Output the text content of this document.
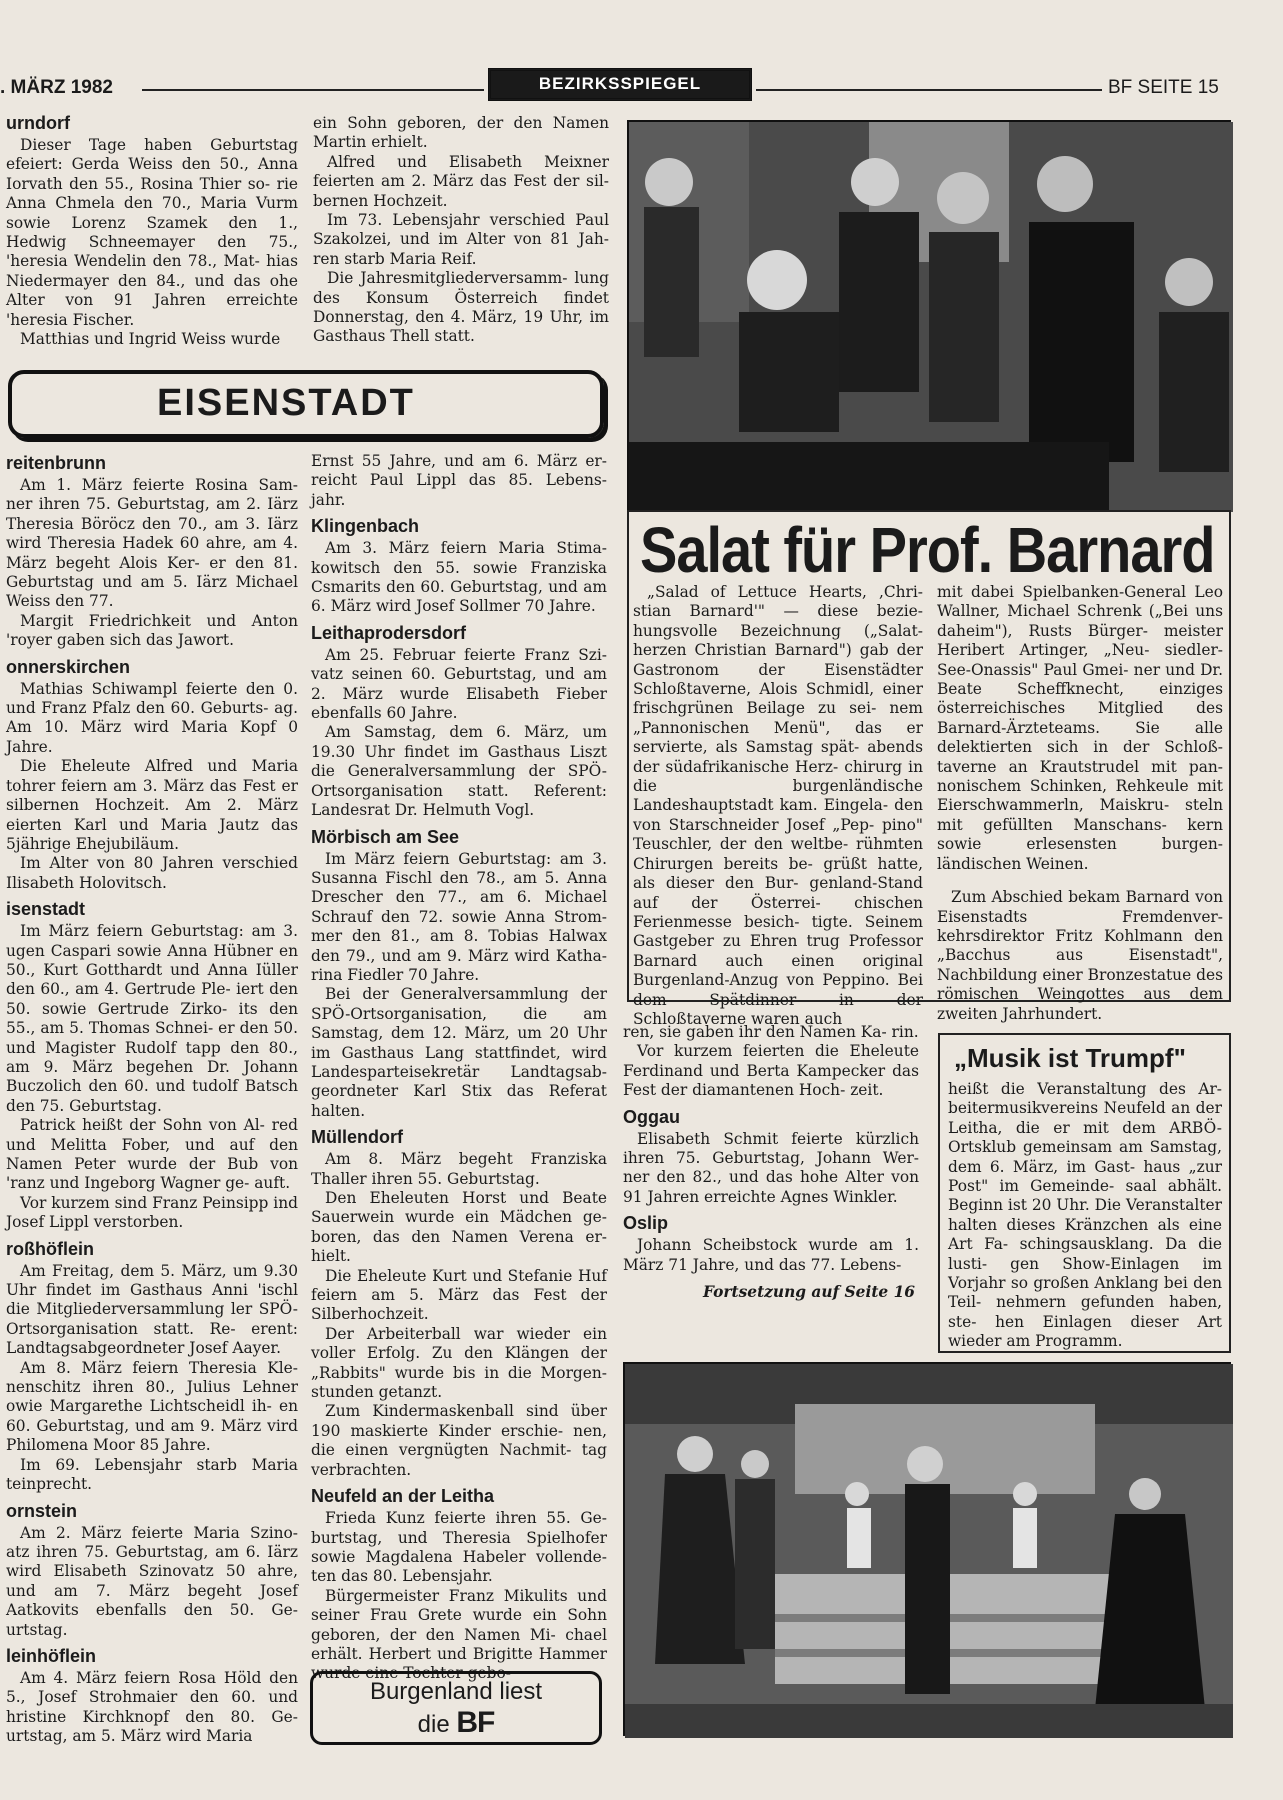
. MÄRZ 1982	BEZIRKSSPIEGEL	BF SEITE 15
urndorf

Dieser Tage haben Geburtstag efeiert: Gerda Weiss den 50., Anna Iorvath den 55., Rosina Thier so- rie Anna Chmela den 70., Maria Vurm sowie Lorenz Szamek den 1., Hedwig Schneemayer den 75., 'heresia Wendelin den 78., Mat- hias Niedermayer den 84., und das ohe Alter von 91 Jahren erreichte 'heresia Fischer.

Matthias und Ingrid Weiss wurde

ein Sohn geboren, der den Namen Martin erhielt.

Alfred und Elisabeth Meixner feierten am 2. März das Fest der sil- bernen Hochzeit.

Im 73. Lebensjahr verschied Paul Szakolzei, und im Alter von 81 Jah- ren starb Maria Reif.

Die Jahresmitgliederversamm- lung des Konsum Österreich findet Donnerstag, den 4. März, 19 Uhr, im Gasthaus Thell statt.

EISENSTADT
reitenbrunn

Am 1. März feierte Rosina Sam- ner ihren 75. Geburtstag, am 2. Iärz Theresia Böröcz den 70., am 3. Iärz wird Theresia Hadek 60 ahre, am 4. März begeht Alois Ker- er den 81. Geburtstag und am 5. Iärz Michael Weiss den 77.

Margit Friedrichkeit und Anton 'royer gaben sich das Jawort.

onnerskirchen

Mathias Schiwampl feierte den 0. und Franz Pfalz den 60. Geburts- ag. Am 10. März wird Maria Kopf 0 Jahre.

Die Eheleute Alfred und Maria tohrer feiern am 3. März das Fest er silbernen Hochzeit. Am 2. März eierten Karl und Maria Jautz das 5jährige Ehejubiläum.

Im Alter von 80 Jahren verschied Ilisabeth Holovitsch.

isenstadt

Im März feiern Geburtstag: am 3. ugen Caspari sowie Anna Hübner en 50., Kurt Gotthardt und Anna Iüller den 60., am 4. Gertrude Ple- iert den 50. sowie Gertrude Zirko- its den 55., am 5. Thomas Schnei- er den 50. und Magister Rudolf tapp den 80., am 9. März begehen Dr. Johann Buczolich den 60. und tudolf Batsch den 75. Geburtstag.

Patrick heißt der Sohn von Al- red und Melitta Fober, und auf den Namen Peter wurde der Bub von 'ranz und Ingeborg Wagner ge- auft.

Vor kurzem sind Franz Peinsipp ind Josef Lippl verstorben.

roßhöflein

Am Freitag, dem 5. März, um 9.30 Uhr findet im Gasthaus Anni 'ischl die Mitgliederversammlung ler SPÖ-Ortsorganisation statt. Re- erent: Landtagsabgeordneter Josef Aayer.

Am 8. März feiern Theresia Kle- nenschitz ihren 80., Julius Lehner owie Margarethe Lichtscheidl ih- en 60. Geburtstag, und am 9. März vird Philomena Moor 85 Jahre.

Im 69. Lebensjahr starb Maria teinprecht.

ornstein

Am 2. März feierte Maria Szino- atz ihren 75. Geburtstag, am 6. Iärz wird Elisabeth Szinovatz 50 ahre, und am 7. März begeht Josef Aatkovits ebenfalls den 50. Ge- urtstag.

leinhöflein

Am 4. März feiern Rosa Höld den 5., Josef Strohmaier den 60. und hristine Kirchknopf den 80. Ge- urtstag, am 5. März wird Maria

Ernst 55 Jahre, und am 6. März er- reicht Paul Lippl das 85. Lebens- jahr.

Klingenbach

Am 3. März feiern Maria Stima- kowitsch den 55. sowie Franziska Csmarits den 60. Geburtstag, und am 6. März wird Josef Sollmer 70 Jahre.

Leithaprodersdorf

Am 25. Februar feierte Franz Szi- vatz seinen 60. Geburtstag, und am 2. März wurde Elisabeth Fieber ebenfalls 60 Jahre.

Am Samstag, dem 6. März, um 19.30 Uhr findet im Gasthaus Liszt die Generalversammlung der SPÖ- Ortsorganisation statt. Referent: Landesrat Dr. Helmuth Vogl.

Mörbisch am See

Im März feiern Geburtstag: am 3. Susanna Fischl den 78., am 5. Anna Drescher den 77., am 6. Michael Schrauf den 72. sowie Anna Strom- mer den 81., am 8. Tobias Halwax den 79., und am 9. März wird Katha- rina Fiedler 70 Jahre.

Bei der Generalversammlung der SPÖ-Ortsorganisation, die am Samstag, dem 12. März, um 20 Uhr im Gasthaus Lang stattfindet, wird Landesparteisekretär Landtagsab- geordneter Karl Stix das Referat halten.

Müllendorf

Am 8. März begeht Franziska Thaller ihren 55. Geburtstag.

Den Eheleuten Horst und Beate Sauerwein wurde ein Mädchen ge- boren, das den Namen Verena er- hielt.

Die Eheleute Kurt und Stefanie Huf feiern am 5. März das Fest der Silberhochzeit.

Der Arbeiterball war wieder ein voller Erfolg. Zu den Klängen der „Rabbits" wurde bis in die Morgen- stunden getanzt.

Zum Kindermaskenball sind über 190 maskierte Kinder erschie- nen, die einen vergnügten Nachmit- tag verbrachten.

Neufeld an der Leitha

Frieda Kunz feierte ihren 55. Ge- burtstag, und Theresia Spielhofer sowie Magdalena Habeler vollende- ten das 80. Lebensjahr.

Bürgermeister Franz Mikulits und seiner Frau Grete wurde ein Sohn geboren, der den Namen Mi- chael erhält. Herbert und Brigitte Hammer wurde eine Tochter gebo-

Burgenland liest
die BF
Salat für Prof. Barnard

„Salad of Lettuce Hearts, ‚Chri- stian Barnard'" — diese bezie- hungsvolle Bezeichnung („Salat- herzen Christian Barnard") gab der Gastronom der Eisenstädter Schloßtaverne, Alois Schmidl, einer frischgrünen Beilage zu sei- nem „Pannonischen Menü", das er servierte, als Samstag spät- abends der südafrikanische Herz- chirurg in die burgenländische Landeshauptstadt kam. Eingela- den von Starschneider Josef „Pep- pino" Teuschler, der den weltbe- rühmten Chirurgen bereits be- grüßt hatte, als dieser den Bur- genland-Stand auf der Österrei- chischen Ferienmesse besich- tigte. Seinem Gastgeber zu Ehren trug Professor Barnard auch einen original Burgenland-Anzug von Peppino. Bei dem Spätdinner in der Schloßtaverne waren auch

mit dabei Spielbanken-General Leo Wallner, Michael Schrenk („Bei uns daheim"), Rusts Bürger- meister Heribert Artinger, „Neu- siedler-See-Onassis" Paul Gmei- ner und Dr. Beate Scheffknecht, einziges österreichisches Mitglied des Barnard-Ärzteteams. Sie alle delektierten sich in der Schloß- taverne an Krautstrudel mit pan- nonischem Schinken, Rehkeule mit Eierschwammerln, Maiskru- steln mit gefüllten Manschans- kern sowie erlesensten burgen- ländischen Weinen.

Zum Abschied bekam Barnard von Eisenstadts Fremdenver- kehrsdirektor Fritz Kohlmann den „Bacchus aus Eisenstadt", Nachbildung einer Bronzestatue des römischen Weingottes aus dem zweiten Jahrhundert.

ren, sie gaben ihr den Namen Ka- rin.

Vor kurzem feierten die Eheleute Ferdinand und Berta Kampecker das Fest der diamantenen Hoch- zeit.

Oggau

Elisabeth Schmit feierte kürzlich ihren 75. Geburtstag, Johann Wer- ner den 82., und das hohe Alter von 91 Jahren erreichte Agnes Winkler.

Oslip

Johann Scheibstock wurde am 1. März 71 Jahre, und das 77. Lebens-

Fortsetzung auf Seite 16
„Musik ist Trumpf"

heißt die Veranstaltung des Ar- beitermusikvereins Neufeld an der Leitha, die er mit dem ARBÖ-Ortsklub gemeinsam am Samstag, dem 6. März, im Gast- haus „zur Post" im Gemeinde- saal abhält. Beginn ist 20 Uhr. Die Veranstalter halten dieses Kränzchen als eine Art Fa- schingsausklang. Da die lusti- gen Show-Einlagen im Vorjahr so großen Anklang bei den Teil- nehmern gefunden haben, ste- hen Einlagen dieser Art wieder am Programm.
